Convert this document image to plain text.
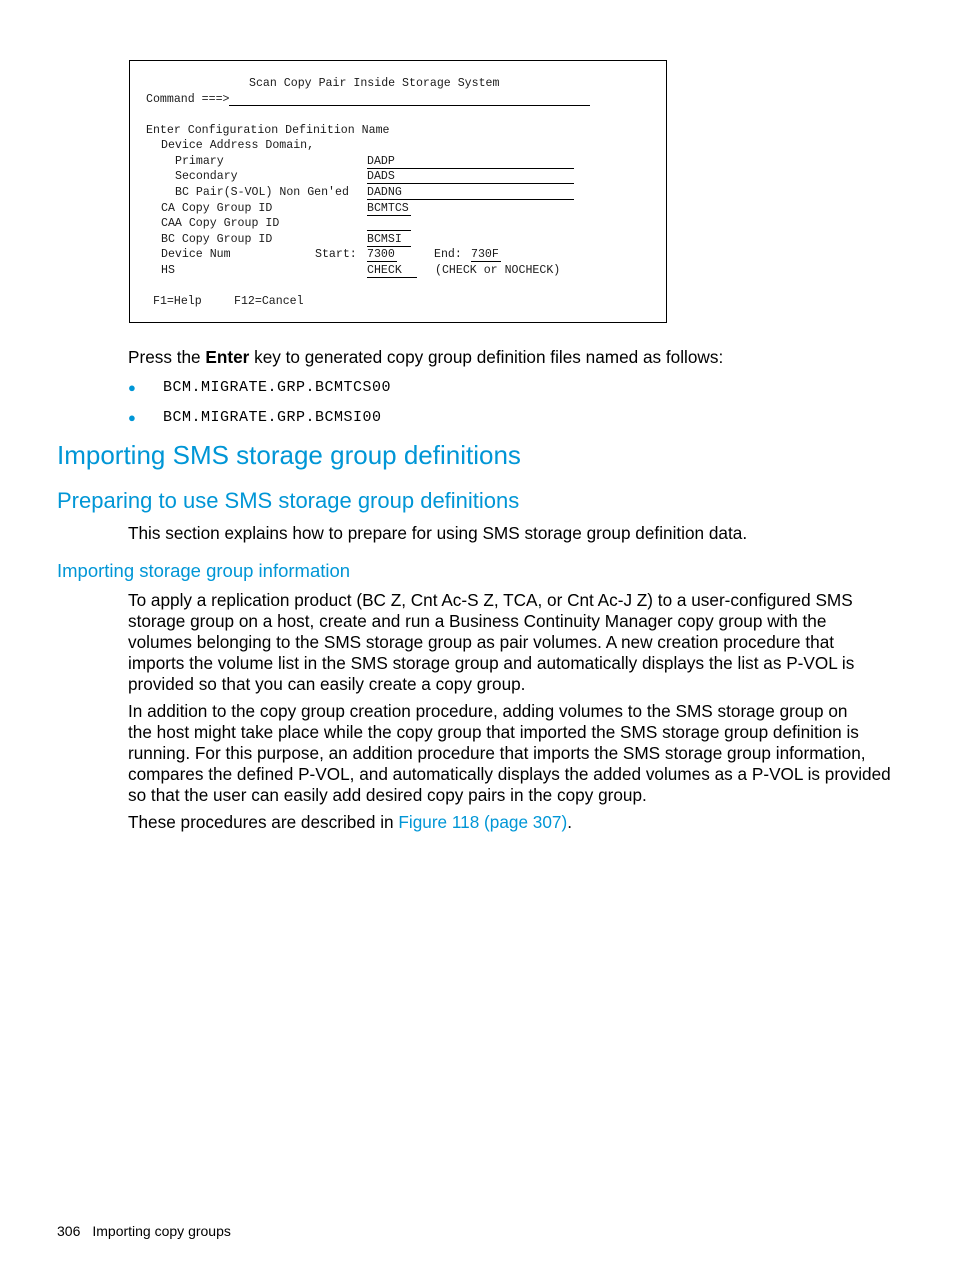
Scan Copy Pair Inside Storage System
Command ===>
Enter Configuration Definition Name
Device Address Domain,
Primary	DADP
Secondary	DADS
BC Pair(S-VOL) Non Gen'ed DADNG
CA Copy Group ID	BCMTCS
CAA Copy Group ID
BC Copy Group ID	BCMSI
Device Num	Start: 7300	End: 730F
HS	CHECK	(CHECK or NOCHECK)
F1=Help	F12=Cancel
Press the Enter key to generated copy group definition files named as follows:
● BCM.MIGRATE.GRP.BCMTCS00
● BCM.MIGRATE.GRP.BCMSI00
Importing SMS storage group definitions
Preparing to use SMS storage group definitions
This section explains how to prepare for using SMS storage group definition data.
Importing storage group information
To apply a replication product (BC Z, Cnt Ac-S Z, TCA, or Cnt Ac-J Z) to a user-configured SMS
storage group on a host, create and run a Business Continuity Manager copy group with the
volumes belonging to the SMS storage group as pair volumes. A new creation procedure that
imports the volume list in the SMS storage group and automatically displays the list as P-VOL is
provided so that you can easily create a copy group.
In addition to the copy group creation procedure, adding volumes to the SMS storage group on
the host might take place while the copy group that imported the SMS storage group definition is
running. For this purpose, an addition procedure that imports the SMS storage group information,
compares the defined P-VOL, and automatically displays the added volumes as a P-VOL is provided
so that the user can easily add desired copy pairs in the copy group.
These procedures are described in Figure 118 (page 307).
306 Importing copy groups
